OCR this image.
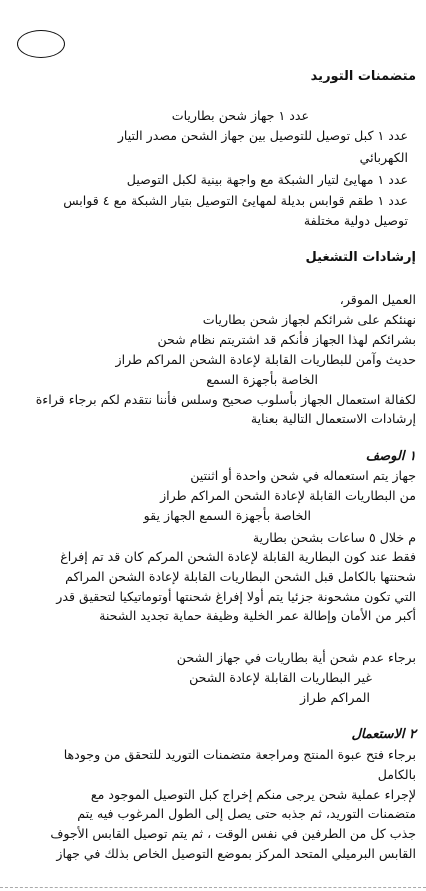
متضمنات التوريد
عدد ١ جهاز شحن بطاريات
عدد ١ كبل توصيل للتوصيل بين جهاز الشحن مصدر التيار
الكهربائي
عدد ١ مهايئ لتيار الشبكة مع واجهة بينية لكبل التوصيل
عدد ١ طقم قوابس بديلة لمهايئ التوصيل بتيار الشبكة مع ٤ قوابس
توصيل دولية مختلفة
إرشادات التشغيل
العميل الموقر،
نهنئكم على شرائكم لجهاز شحن بطاريات
بشرائكم لهذا الجهاز فأنكم قد اشتريتم نظام شحن
حديث وآمن للبطاريات القابلة لإعادة الشحن المراكم طراز
الخاصة بأجهزة السمع
لكفالة استعمال الجهاز بأسلوب صحيح وسلس فأننا نتقدم لكم برجاء قراءة
إرشادات الاستعمال التالية بعناية
١ الوصف
جهاز يتم استعماله في شحن واحدة أو اثنتين
من البطاريات القابلة لإعادة الشحن المراكم طراز
الخاصة بأجهزة السمع الجهاز يقو
م خلال ٥ ساعات بشحن بطارية
فقط عند كون البطارية القابلة لإعادة الشحن المركم كان قد تم إفراغ
شحنتها بالكامل قبل الشحن البطاريات القابلة لإعادة الشحن المراكم
التي تكون مشحونة جزئيا يتم أولا إفراغ شحنتها أوتوماتيكيا لتحقيق قدر
أكبر من الأمان وإطالة عمر الخلية وظيفة حماية تجديد الشحنة
برجاء عدم شحن أية بطاريات في جهاز الشحن
غير البطاريات القابلة لإعادة الشحن
المراكم طراز
٢ الاستعمال
برجاء فتح عبوة المنتج ومراجعة متضمنات التوريد للتحقق من وجودها
بالكامل
لإجراء عملية شحن يرجى منكم إخراج كبل التوصيل الموجود مع
متضمنات التوريد، ثم جذبه حتى يصل إلى الطول المرغوب فيه يتم
جذب كل من الطرفين في نفس الوقت ، ثم يتم توصيل القابس الأجوف
القابس البرميلي المتحد المركز بموضع التوصيل الخاص بذلك في جهاز
